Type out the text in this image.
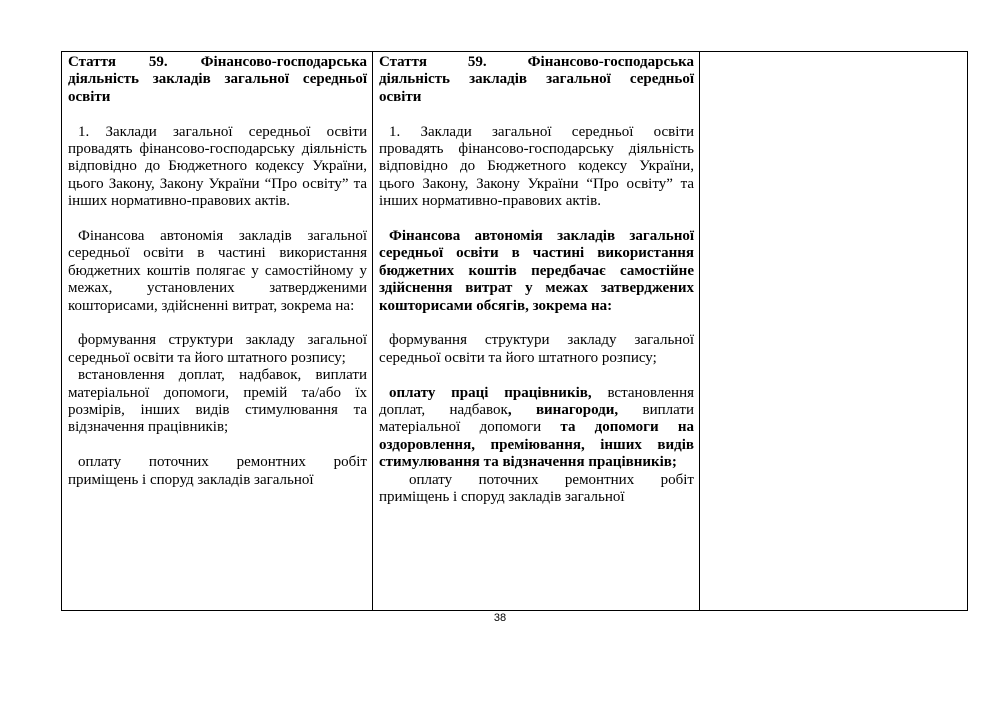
Стаття 59. Фінансово-господарська діяльність закладів загальної середньої освіти

1. Заклади загальної середньої освіти провадять фінансово-господарську діяльність відповідно до Бюджетного кодексу України, цього Закону, Закону України “Про освіту” та інших нормативно-правових актів.

Фінансова автономія закладів загальної середньої освіти в частині використання бюджетних коштів полягає у самостійному у межах, установлених затвердженими кошторисами, здійсненні витрат, зокрема на:

формування структури закладу загальної середньої освіти та його штатного розпису;

встановлення доплат, надбавок, виплати матеріальної допомоги, премій та/або їх розмірів, інших видів стимулювання та відзначення працівників;

оплату поточних ремонтних робіт приміщень і споруд закладів загальної

Стаття 59. Фінансово-господарська діяльність закладів загальної середньої освіти

1. Заклади загальної середньої освіти провадять фінансово-господарську діяльність відповідно до Бюджетного кодексу України, цього Закону, Закону України “Про освіту” та інших нормативно-правових актів.

Фінансова автономія закладів загальної середньої освіти в частині використання бюджетних коштів передбачає самостійне здійснення витрат у межах затверджених кошторисами обсягів, зокрема на:

формування структури закладу загальної середньої освіти та його штатного розпису;

оплату праці працівників, встановлення доплат, надбавок, винагороди, виплати матеріальної допомоги та допомоги на оздоровлення, преміювання, інших видів стимулювання та відзначення працівників;

оплату поточних ремонтних робіт приміщень і споруд закладів загальної

38
